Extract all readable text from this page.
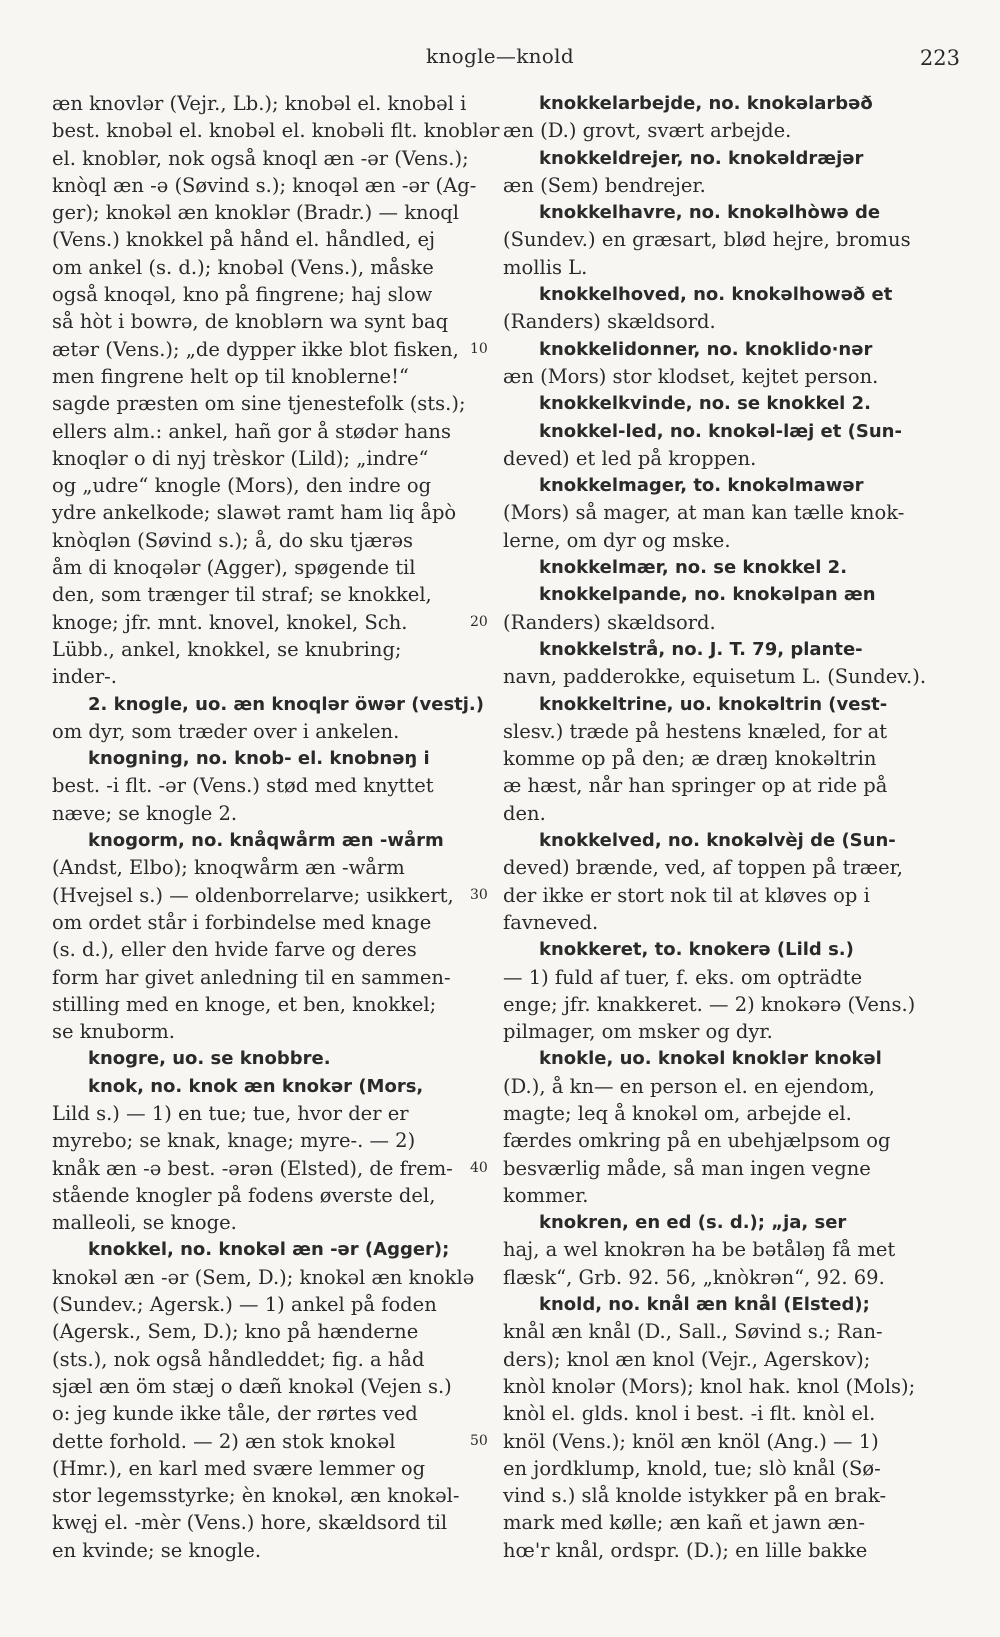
knogle—knold	223
æn knovlər (Vejr., Lb.); knobəl el. knobəl i
best. knobəl el. knobəl el. knobəli flt. knoblər
el. knoblər, nok også knoql æn -ər (Vens.);
knòql æn -ə (Søvind s.); knoqəl æn -ər (Ag-
ger); knokəl æn knoklər (Bradr.) — knoql
(Vens.) knokkel på hånd el. håndled, ej
om ankel (s. d.); knobəl (Vens.), måske
også knoqəl, kno på fingrene; haj slow
så hòt i bowrə, de knoblərn wa synt baq
ætər (Vens.); „de dypper ikke blot fisken,
men fingrene helt op til knoblerne!“
sagde præsten om sine tjenestefolk (sts.);
ellers alm.: ankel, hañ gor å stødər hans
knoqlər o di nyj trèskor (Lild); „indre“
og „udre“ knogle (Mors), den indre og
ydre ankelkode; slawət ramt ham liq åpò
knòqlən (Søvind s.); å, do sku tjærəs
åm di knoqələr (Agger), spøgende til
den, som trænger til straf; se knokkel,
knoge; jfr. mnt. knovel, knokel, Sch.
Lübb., ankel, knokkel, se knubring;
inder-.
2. knogle, uo. æn knoqlər öwər (vestj.)
om dyr, som træder over i ankelen.
knogning, no. knob- el. knobnəŋ i
best. -i flt. -ər (Vens.) stød med knyttet
næve; se knogle 2.
knogorm, no. knåqwårm æn -wårm
(Andst, Elbo); knoqwårm æn -wårm
(Hvejsel s.) — oldenborrelarve; usikkert,
om ordet står i forbindelse med knage
(s. d.), eller den hvide farve og deres
form har givet anledning til en sammen-
stilling med en knoge, et ben, knokkel;
se knuborm.
knogre, uo. se knobbre.
knok, no. knok æn knokər (Mors,
Lild s.) — 1) en tue; tue, hvor der er
myrebo; se knak, knage; myre-. — 2)
knåk æn -ə best. -ərən (Elsted), de frem-
stående knogler på fodens øverste del,
malleoli, se knoge.
knokkel, no. knokəl æn -ər (Agger);
knokəl æn -ər (Sem, D.); knokəl æn knoklə
(Sundev.; Agersk.) — 1) ankel på foden
(Agersk., Sem, D.); kno på hænderne
(sts.), nok også håndleddet; fig. a håd
sjæl æn öm stæj o dæñ knokəl (Vejen s.)
o: jeg kunde ikke tåle, der rørtes ved
dette forhold. — 2) æn stok knokəl
(Hmr.), en karl med svære lemmer og
stor legemsstyrke; èn knokəl, æn knokəl-
kwęj el. -mèr (Vens.) hore, skældsord til
en kvinde; se knogle.
10
20
30
40
50
knokkelarbejde, no. knokəlarbəð
æn (D.) grovt, svært arbejde.
knokkeldrejer, no. knokəldræjər
æn (Sem) bendrejer.
knokkelhavre, no. knokəlhòwə de
(Sundev.) en græsart, blød hejre, bromus
mollis L.
knokkelhoved, no. knokəlhowəð et
(Randers) skældsord.
knokkelidonner, no. knoklido·nər
æn (Mors) stor klodset, kejtet person.
knokkelkvinde, no. se knokkel 2.
knokkel-led, no. knokəl-læj et (Sun-
deved) et led på kroppen.
knokkelmager, to. knokəlmawər
(Mors) så mager, at man kan tælle knok-
lerne, om dyr og mske.
knokkelmær, no. se knokkel 2.
knokkelpande, no. knokəlpan æn
(Randers) skældsord.
knokkelstrå, no. J. T. 79, plante-
navn, padderokke, equisetum L. (Sundev.).
knokkeltrine, uo. knokəltrin (vest-
slesv.) træde på hestens knæled, for at
komme op på den; æ dræŋ knokəltrin
æ hæst, når han springer op at ride på
den.
knokkelved, no. knokəlvèj de (Sun-
deved) brænde, ved, af toppen på træer,
der ikke er stort nok til at kløves op i
favneved.
knokkeret, to. knokerə (Lild s.)
— 1) fuld af tuer, f. eks. om opträdte
enge; jfr. knakkeret. — 2) knokərə (Vens.)
pilmager, om msker og dyr.
knokle, uo. knokəl knoklər knokəl
(D.), å kn— en person el. en ejendom,
magte; leq å knokəl om, arbejde el.
færdes omkring på en ubehjælpsom og
besværlig måde, så man ingen vegne
kommer.
knokren, en ed (s. d.); „ja, ser
haj, a wel knokrən ha be bətåləŋ få met
flæsk“, Grb. 92. 56, „knòkrən“, 92. 69.
knold, no. knål æn knål (Elsted);
knål æn knål (D., Sall., Søvind s.; Ran-
ders); knol æn knol (Vejr., Agerskov);
knòl knolər (Mors); knol hak. knol (Mols);
knòl el. glds. knol i best. -i flt. knòl el.
knöl (Vens.); knöl æn knöl (Ang.) — 1)
en jordklump, knold, tue; slò knål (Sø-
vind s.) slå knolde istykker på en brak-
mark med kølle; æn kañ et jawn æn-
hœ'r knål, ordspr. (D.); en lille bakke
